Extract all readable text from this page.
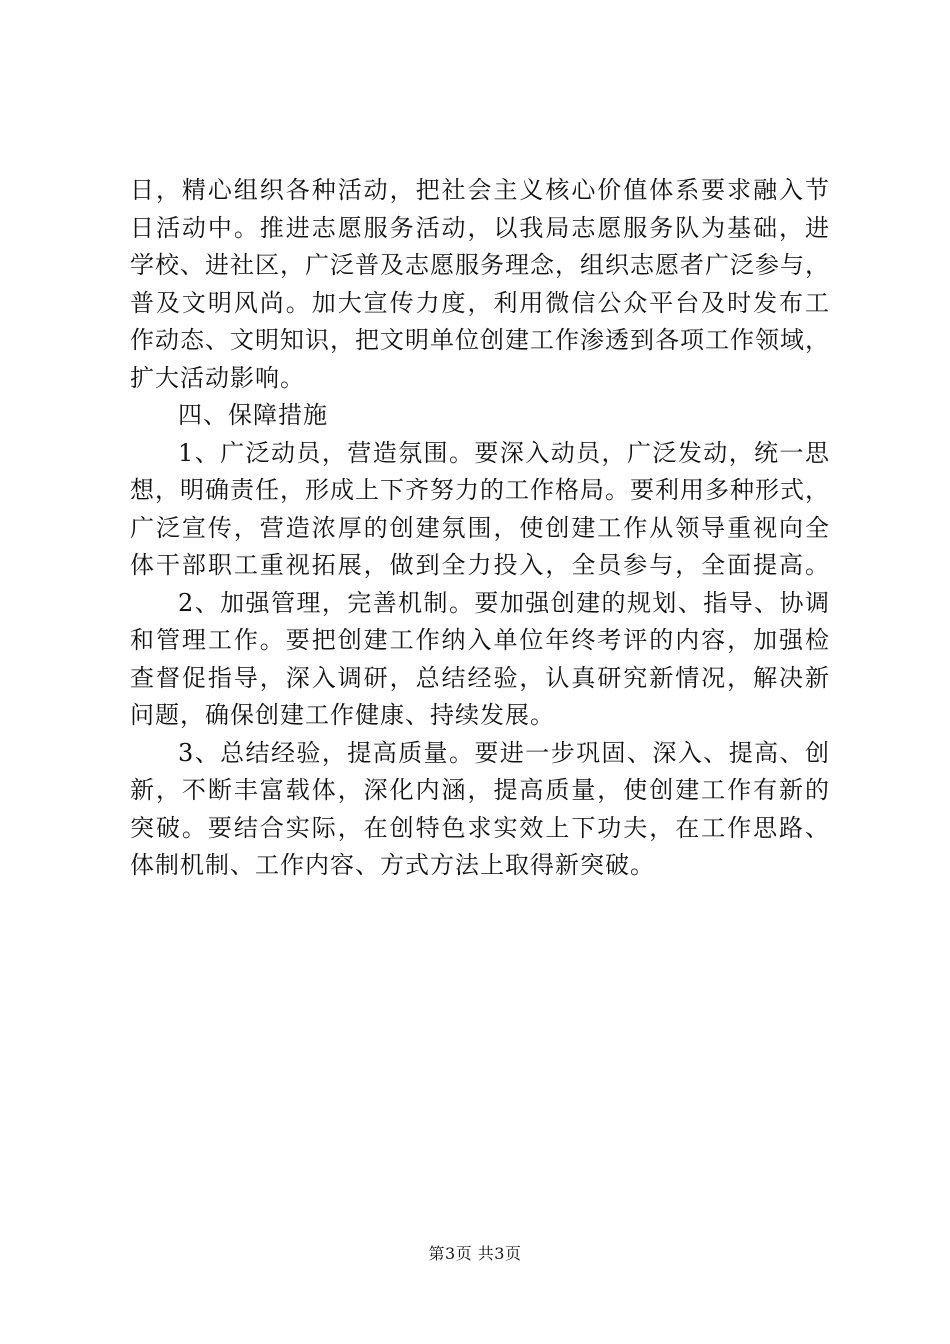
日，精心组织各种活动，把社会主义核心价值体系要求融入节
日活动中。推进志愿服务活动，以我局志愿服务队为基础，进
学校、进社区，广泛普及志愿服务理念，组织志愿者广泛参与，
普及文明风尚。加大宣传力度，利用微信公众平台及时发布工
作动态、文明知识，把文明单位创建工作渗透到各项工作领域，
扩大活动影响。
四、保障措施
1、广泛动员，营造氛围。要深入动员，广泛发动，统一思
想，明确责任，形成上下齐努力的工作格局。要利用多种形式，
广泛宣传，营造浓厚的创建氛围，使创建工作从领导重视向全
体干部职工重视拓展，做到全力投入，全员参与，全面提高。
2、加强管理，完善机制。要加强创建的规划、指导、协调
和管理工作。要把创建工作纳入单位年终考评的内容，加强检
查督促指导，深入调研，总结经验，认真研究新情况，解决新
问题，确保创建工作健康、持续发展。
3、总结经验，提高质量。要进一步巩固、深入、提高、创
新，不断丰富载体，深化内涵，提高质量，使创建工作有新的
突破。要结合实际，在创特色求实效上下功夫，在工作思路、
体制机制、工作内容、方式方法上取得新突破。
第3页 共3页
